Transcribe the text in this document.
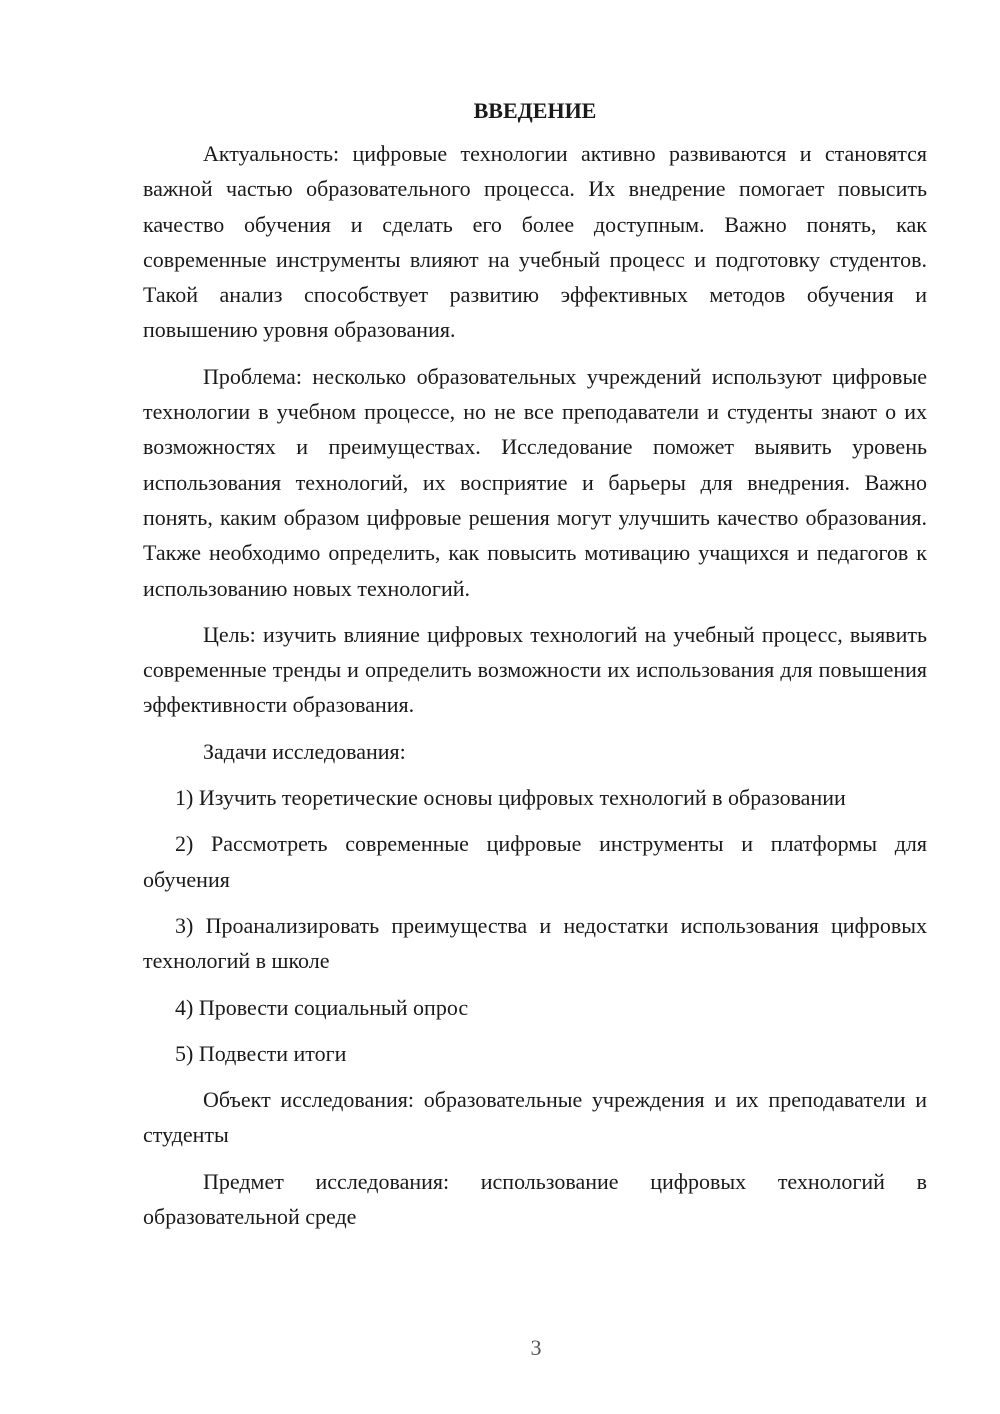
ВВЕДЕНИЕ

Актуальность: цифровые технологии активно развиваются и становятся важной частью образовательного процесса. Их внедрение помогает повысить качество обучения и сделать его более доступным. Важно понять, как современные инструменты влияют на учебный процесс и подготовку студентов. Такой анализ способствует развитию эффективных методов обучения и повышению уровня образования.

Проблема: несколько образовательных учреждений используют цифровые технологии в учебном процессе, но не все преподаватели и студенты знают о их возможностях и преимуществах. Исследование поможет выявить уровень использования технологий, их восприятие и барьеры для внедрения. Важно понять, каким образом цифровые решения могут улучшить качество образования. Также необходимо определить, как повысить мотивацию учащихся и педагогов к использованию новых технологий.

Цель: изучить влияние цифровых технологий на учебный процесс, выявить современные тренды и определить возможности их использования для повышения эффективности образования.

Задачи исследования:

1) Изучить теоретические основы цифровых технологий в образовании

2) Рассмотреть современные цифровые инструменты и платформы для обучения

3) Проанализировать преимущества и недостатки использования цифровых технологий в школе

4) Провести социальный опрос

5) Подвести итоги

Объект исследования: образовательные учреждения и их преподаватели и студенты

Предмет исследования: использование цифровых технологий в образовательной среде

3
